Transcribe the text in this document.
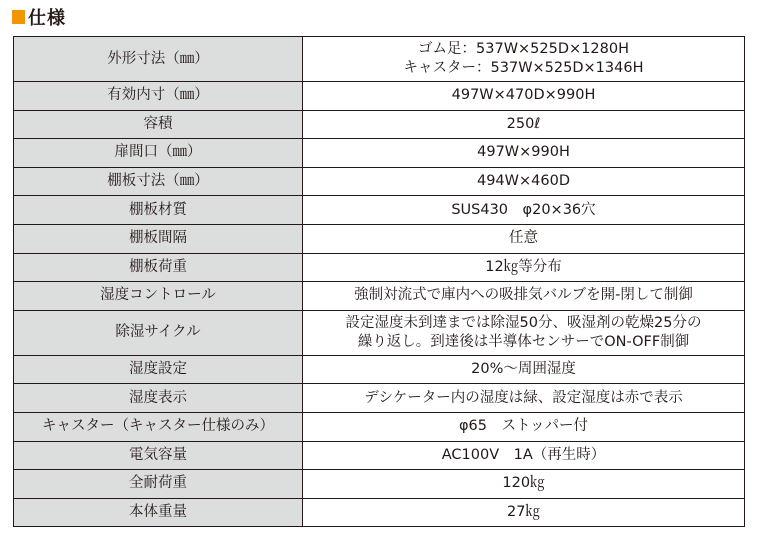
仕様
外形寸法（㎜）	ゴム足：537W×525D×1280H
キャスター：537W×525D×1346H

有効内寸（㎜）	497W×470D×990H

容積	250ℓ

扉間口（㎜）	497W×990H

棚板寸法（㎜）	494W×460D

棚板材質	SUS430　φ20×36穴

棚板間隔	任意

棚板荷重	12㎏等分布

湿度コントロール	強制対流式で庫内への吸排気バルブを開-閉して制御

除湿サイクル	設定湿度未到達までは除湿50分、吸湿剤の乾燥25分の
繰り返し。到達後は半導体センサーでON-OFF制御

湿度設定	20%～周囲湿度

湿度表示	デシケーター内の湿度は緑、設定湿度は赤で表示

キャスター（キャスター仕様のみ）	φ65　ストッパー付

電気容量	AC100V　1A（再生時）

全耐荷重	120㎏

本体重量	27㎏
